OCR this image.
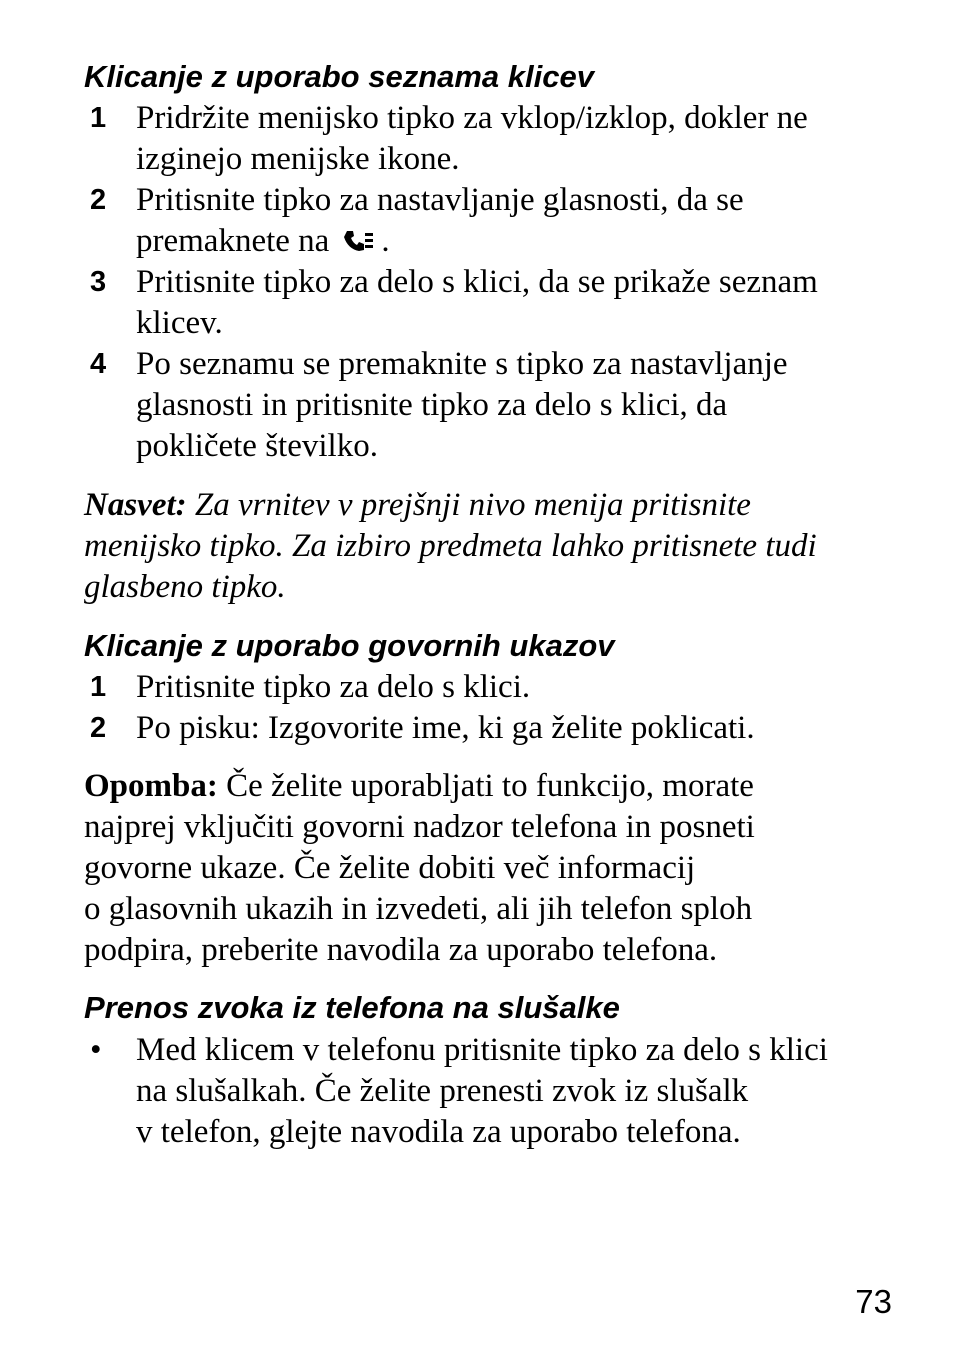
Klicanje z uporabo seznama klicev
1 Pridržite menijsko tipko za vklop/izklop, dokler ne
izginejo menijske ikone.
2 Pritisnite tipko za nastavljanje glasnosti, da se
premaknete na .
3 Pritisnite tipko za delo s klici, da se prikaže seznam
klicev.
4 Po seznamu se premaknite s tipko za nastavljanje
glasnosti in pritisnite tipko za delo s klici, da
pokličete številko.
Nasvet: Za vrnitev v prejšnji nivo menija pritisnite
menijsko tipko. Za izbiro predmeta lahko pritisnete tudi
glasbeno tipko.
Klicanje z uporabo govornih ukazov
1 Pritisnite tipko za delo s klici.
2 Po pisku: Izgovorite ime, ki ga želite poklicati.
Opomba: Če želite uporabljati to funkcijo, morate
najprej vključiti govorni nadzor telefona in posneti
govorne ukaze. Če želite dobiti več informacij
o glasovnih ukazih in izvedeti, ali jih telefon sploh
podpira, preberite navodila za uporabo telefona.
Prenos zvoka iz telefona na slušalke
• Med klicem v telefonu pritisnite tipko za delo s klici
na slušalkah. Če želite prenesti zvok iz slušalk
v telefon, glejte navodila za uporabo telefona.
73
